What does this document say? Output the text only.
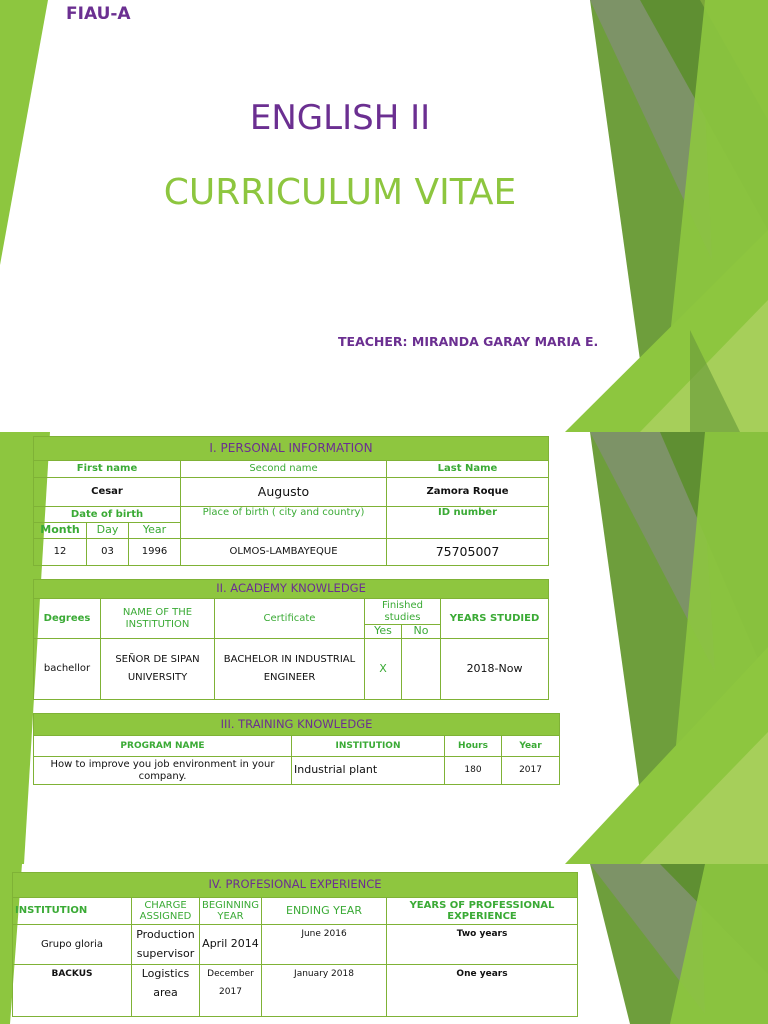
FIAU-A
ENGLISH II
CURRICULUM VITAE
TEACHER: MIRANDA GARAY MARIA E.
I. PERSONAL INFORMATION				
First name			Second name	Last Name
Cesar			Augusto	Zamora Roque
Date of birth			Place of birth ( city and country)	ID number
Month	Day	Year		
12	03	1996	OLMOS-LAMBAYEQUE	75705007
II. ACADEMY KNOWLEDGE					
Degrees	NAME OF THE INSTITUTION	Certificate	Finished studies		YEARS STUDIED
			Yes	No	
bachellor	SEÑOR DE SIPAN UNIVERSITY	BACHELOR IN INDUSTRIAL ENGINEER	X		2018-Now
III. TRAINING KNOWLEDGE			
PROGRAM NAME	INSTITUTION	Hours	Year
How to improve you job environment in your company.	Industrial plant	180	2017
IV. PROFESIONAL EXPERIENCE				
INSTITUTION	CHARGE ASSIGNED	BEGINNING YEAR	ENDING YEAR	YEARS OF PROFESSIONAL EXPERIENCE
Grupo gloria	Production supervisor	April 2014	June 2016	Two years
BACKUS	Logistics area	December 2017	January 2018	One years
